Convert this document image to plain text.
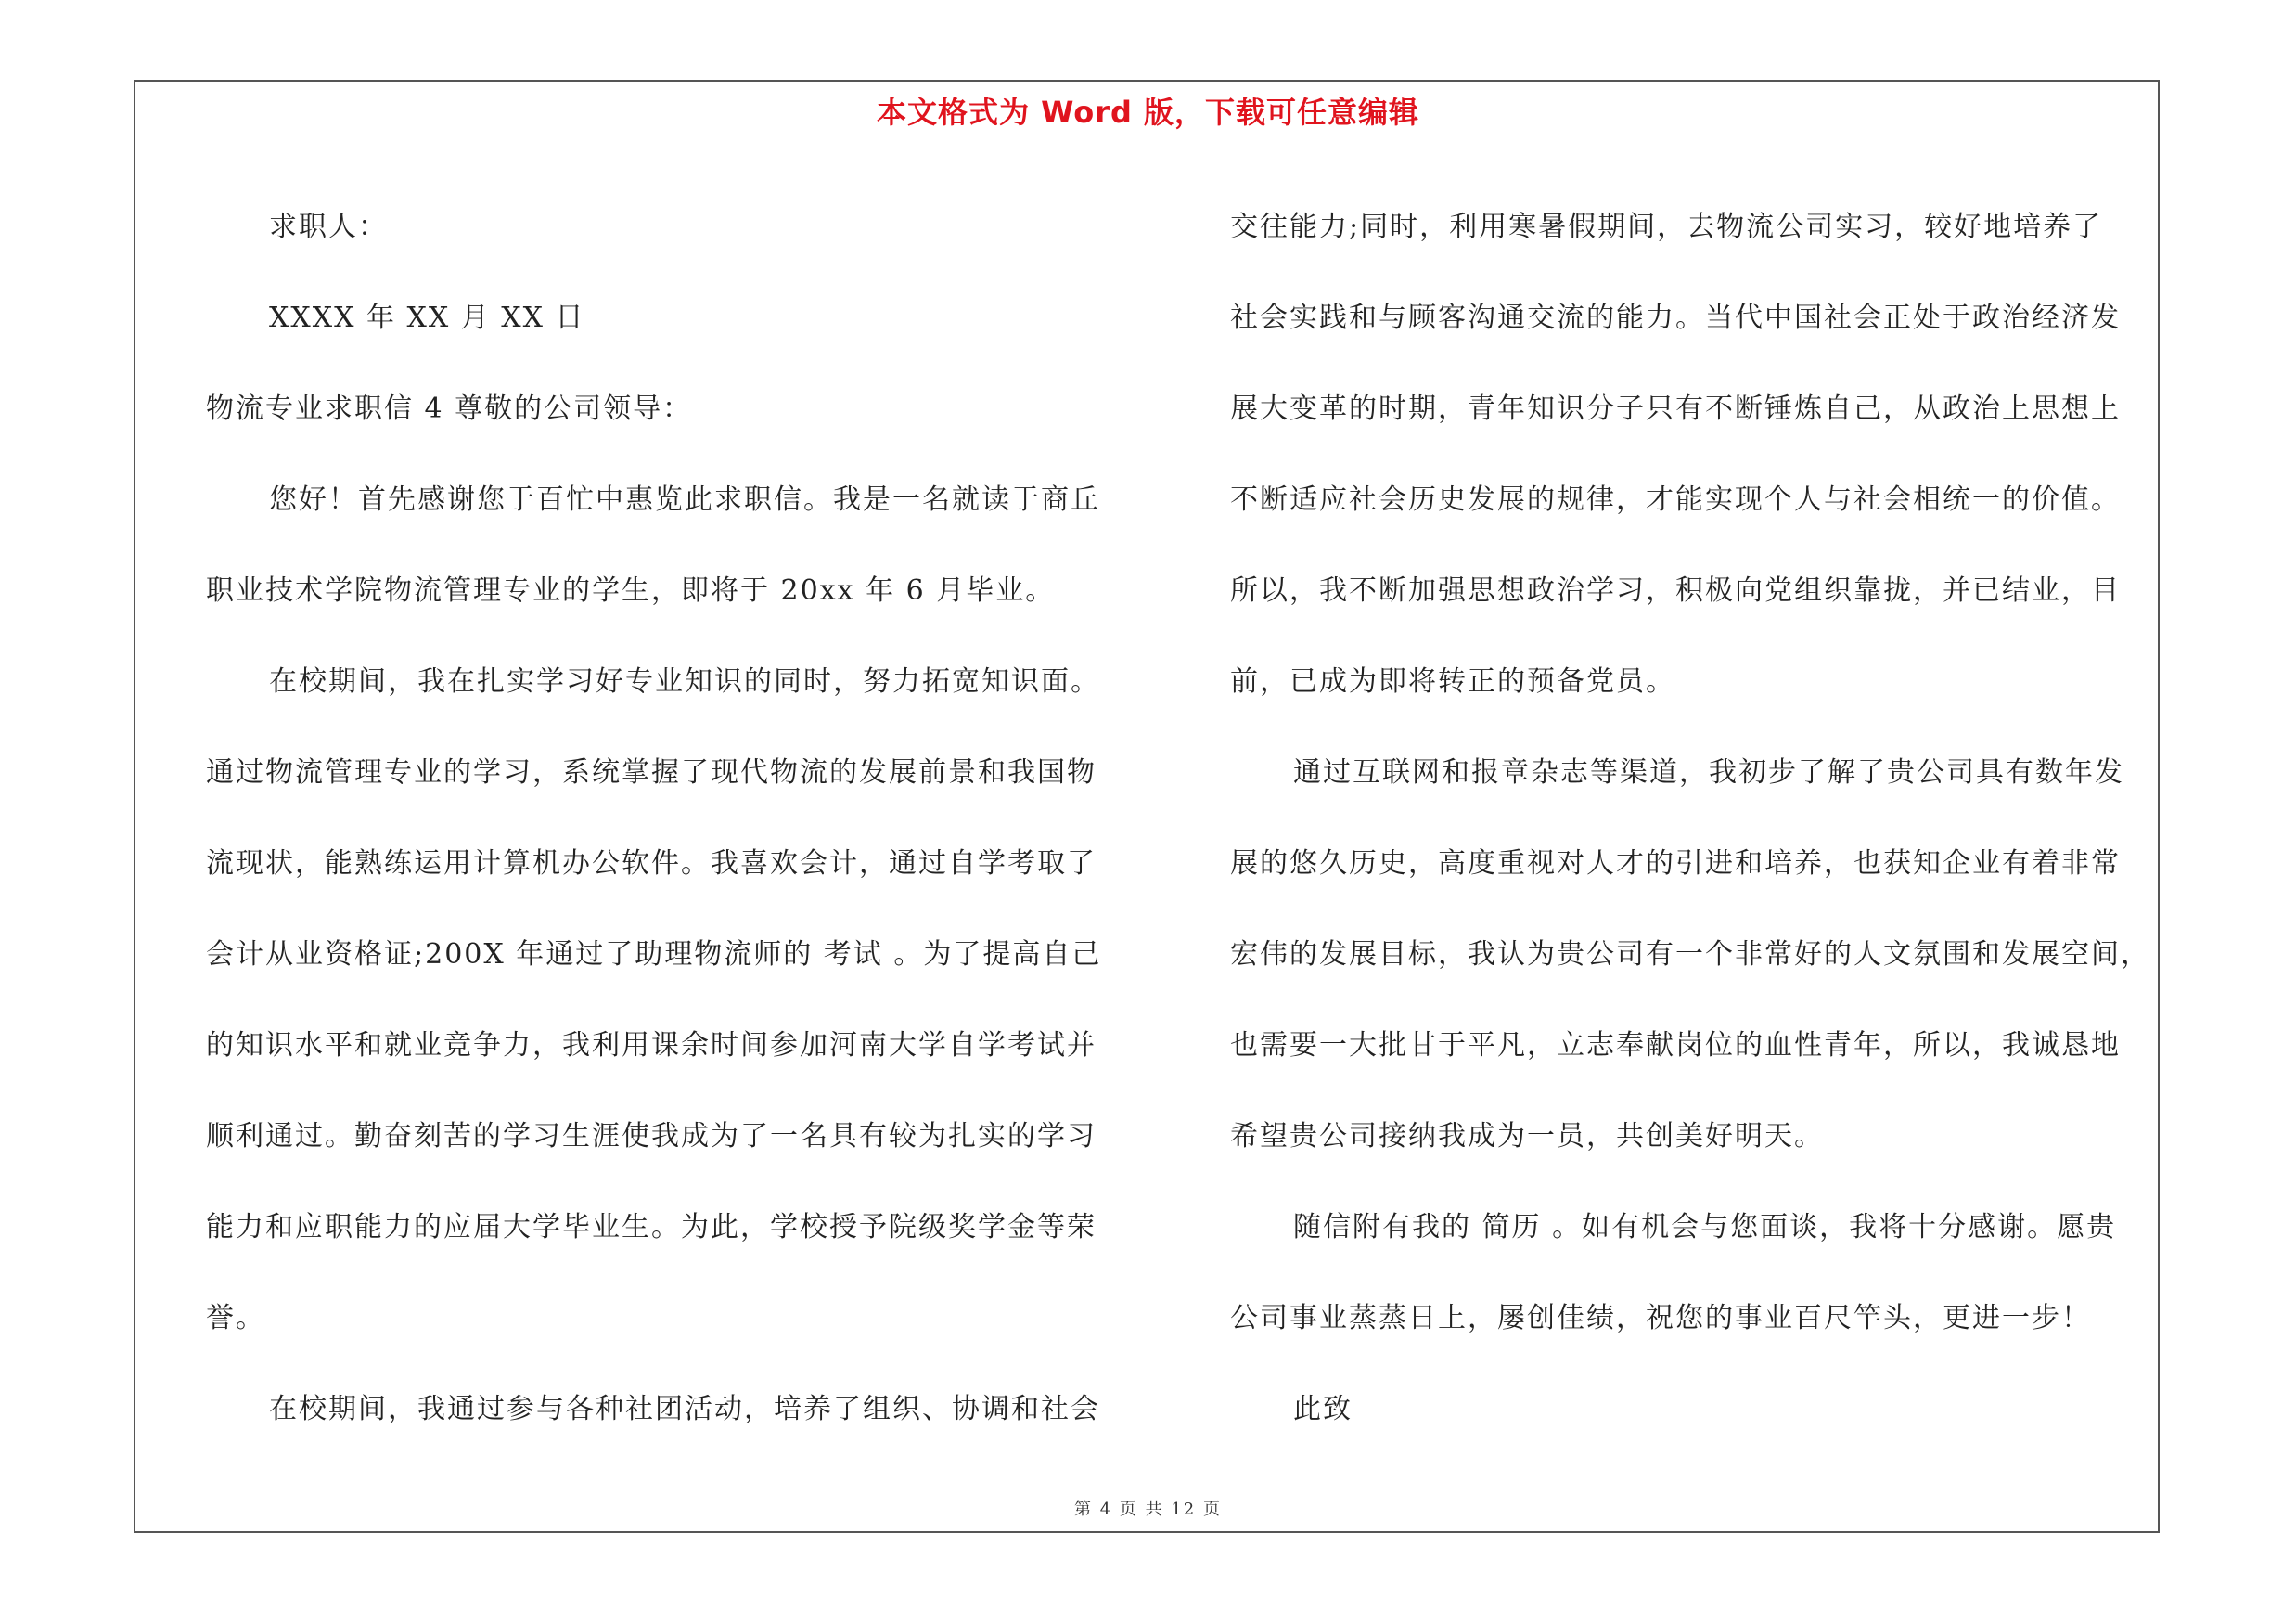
本文格式为 Word 版，下载可任意编辑
求职人：
XXXX 年 XX 月 XX 日
物流专业求职信 4 尊敬的公司领导：
您好！首先感谢您于百忙中惠览此求职信。我是一名就读于商丘
职业技术学院物流管理专业的学生，即将于 20xx 年 6 月毕业。
在校期间，我在扎实学习好专业知识的同时，努力拓宽知识面。
通过物流管理专业的学习，系统掌握了现代物流的发展前景和我国物
流现状，能熟练运用计算机办公软件。我喜欢会计，通过自学考取了
会计从业资格证;200X 年通过了助理物流师的 考试 。为了提高自己
的知识水平和就业竞争力，我利用课余时间参加河南大学自学考试并
顺利通过。勤奋刻苦的学习生涯使我成为了一名具有较为扎实的学习
能力和应职能力的应届大学毕业生。为此，学校授予院级奖学金等荣
誉。
在校期间，我通过参与各种社团活动，培养了组织、协调和社会
交往能力;同时，利用寒暑假期间，去物流公司实习，较好地培养了
社会实践和与顾客沟通交流的能力。当代中国社会正处于政治经济发
展大变革的时期，青年知识分子只有不断锤炼自己，从政治上思想上
不断适应社会历史发展的规律，才能实现个人与社会相统一的价值。
所以，我不断加强思想政治学习，积极向党组织靠拢，并已结业，目
前，已成为即将转正的预备党员。
通过互联网和报章杂志等渠道，我初步了解了贵公司具有数年发
展的悠久历史，高度重视对人才的引进和培养，也获知企业有着非常
宏伟的发展目标，我认为贵公司有一个非常好的人文氛围和发展空间，
也需要一大批甘于平凡，立志奉献岗位的血性青年，所以，我诚恳地
希望贵公司接纳我成为一员，共创美好明天。
随信附有我的 简历 。如有机会与您面谈，我将十分感谢。愿贵
公司事业蒸蒸日上，屡创佳绩，祝您的事业百尺竿头，更进一步！
此致
第 4 页 共 12 页
